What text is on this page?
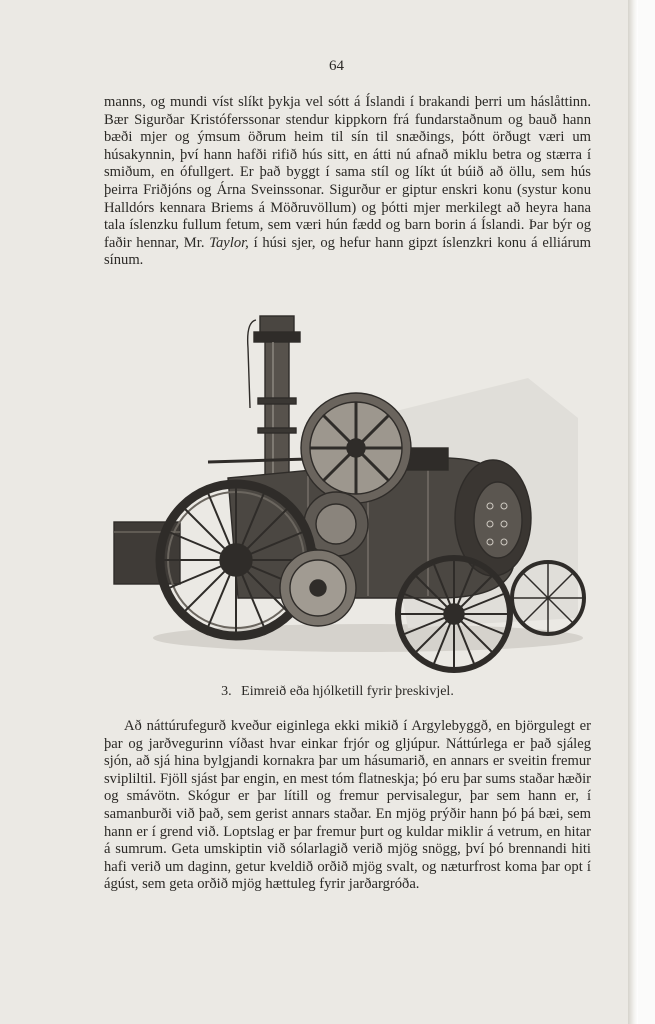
64

manns, og mundi víst slíkt þykja vel sótt á Íslandi í brakandi þerri um háslåttinn. Bær Sigurðar Kristóferssonar stendur kippkorn frá fundarstaðnum og bauð hann bæði mjer og ýmsum öðrum heim til sín til snæðings, þótt örðugt væri um húsakynnin, því hann hafði rifið hús sitt, en átti nú afnað miklu betra og stærra í smiðum, en ófullgert. Er það byggt í sama stíl og líkt út búið að öllu, sem hús þeirra Friðjóns og Árna Sveinssonar. Sigurður er giptur enskri konu (systur konu Halldórs kennara Briems á Möðruvöllum) og þótti mjer merkilegt að heyra hana tala íslenzku fullum fetum, sem væri hún fædd og barn borin á Íslandi. Þar býr og faðir hennar, Mr. Taylor, í húsi sjer, og hefur hann gipzt íslenzkri konu á elliárum sínum.

3. Eimreið eða hjólketill fyrir þreskivjel.

Að náttúrufegurð kveður eiginlega ekki mikið í Argylebyggð, en björgulegt er þar og jarðvegurinn víðast hvar einkar frjór og gljúpur. Náttúrlega er það sjáleg sjón, að sjá hina bylgjandi kornakra þar um hásumarið, en annars er sveitin fremur svipliltil. Fjöll sjást þar engin, en mest tóm flatneskja; þó eru þar sums staðar hæðir og smávötn. Skógur er þar lítill og fremur pervisalegur, þar sem hann er, í samanburði við það, sem gerist annars staðar. En mjög prýðir hann þó þá bæi, sem hann er í grend við. Loptslag er þar fremur þurt og kuldar miklir á vetrum, en hitar á sumrum. Geta umskiptin við sólarlagið verið mjög snögg, því þó brennandi hiti hafi verið um daginn, getur kveldið orðið mjög svalt, og næturfrost koma þar opt í ágúst, sem geta orðið mjög hættuleg fyrir jarðargróða.
